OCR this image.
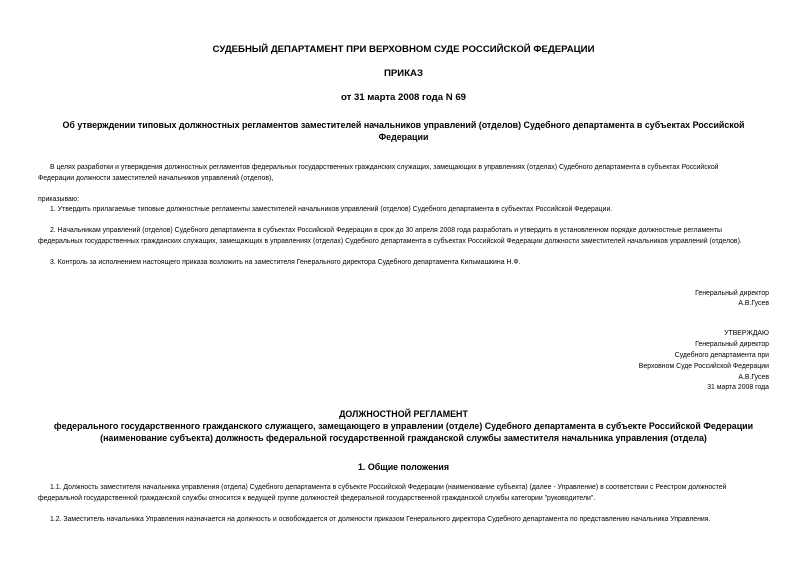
СУДЕБНЫЙ ДЕПАРТАМЕНТ ПРИ ВЕРХОВНОМ СУДЕ РОССИЙСКОЙ ФЕДЕРАЦИИ
ПРИКАЗ
от 31 марта 2008 года N 69
Об утверждении типовых должностных регламентов заместителей начальников управлений (отделов) Судебного департамента в субъектах Российской
Федерации
В целях разработки и утверждения должностных регламентов федеральных государственных гражданских служащих, замещающих в управлениях (отделах) Судебного департамента в субъектах Российской
Федерации должности заместителей начальников управлений (отделов),
приказываю:
1. Утвердить прилагаемые типовые должностные регламенты заместителей начальников управлений (отделов) Судебного департамента в субъектах Российской Федерации.
2. Начальникам управлений (отделов) Судебного департамента в субъектах Российской Федерации в срок до 30 апреля 2008 года разработать и утвердить в установленном порядке должностные регламенты
федеральных государственных гражданских служащих, замещающих в управлениях (отделах) Судебного департамента в субъектах Российской Федерации должности заместителей начальников управлений (отделов).
3. Контроль за исполнением настоящего приказа возложить на заместителя Генерального директора Судебного департамента Кильмашкина Н.Ф.
Генеральный директор
А.В.Гусев
УТВЕРЖДАЮ
Генеральный директор
Судебного департамента при
Верховном Суде Российской Федерации
А.В.Гусев
31 марта 2008 года
ДОЛЖНОСТНОЙ РЕГЛАМЕНТ
федерального государственного гражданского служащего, замещающего в управлении (отделе) Судебного департамента в субъекте Российской Федерации
(наименование субъекта) должность федеральной государственной гражданской службы заместителя начальника управления (отдела)
1. Общие положения
1.1. Должность заместителя начальника управления (отдела) Судебного департамента в субъекте Российской Федерации (наименование субъекта) (далее - Управление) в соответствии с Реестром должностей
федеральной государственной гражданской службы относится к ведущей группе должностей федеральной государственной гражданской службы категории "руководители".
1.2. Заместитель начальника Управления назначается на должность и освобождается от должности приказом Генерального директора Судебного департамента по представлению начальника Управления.
